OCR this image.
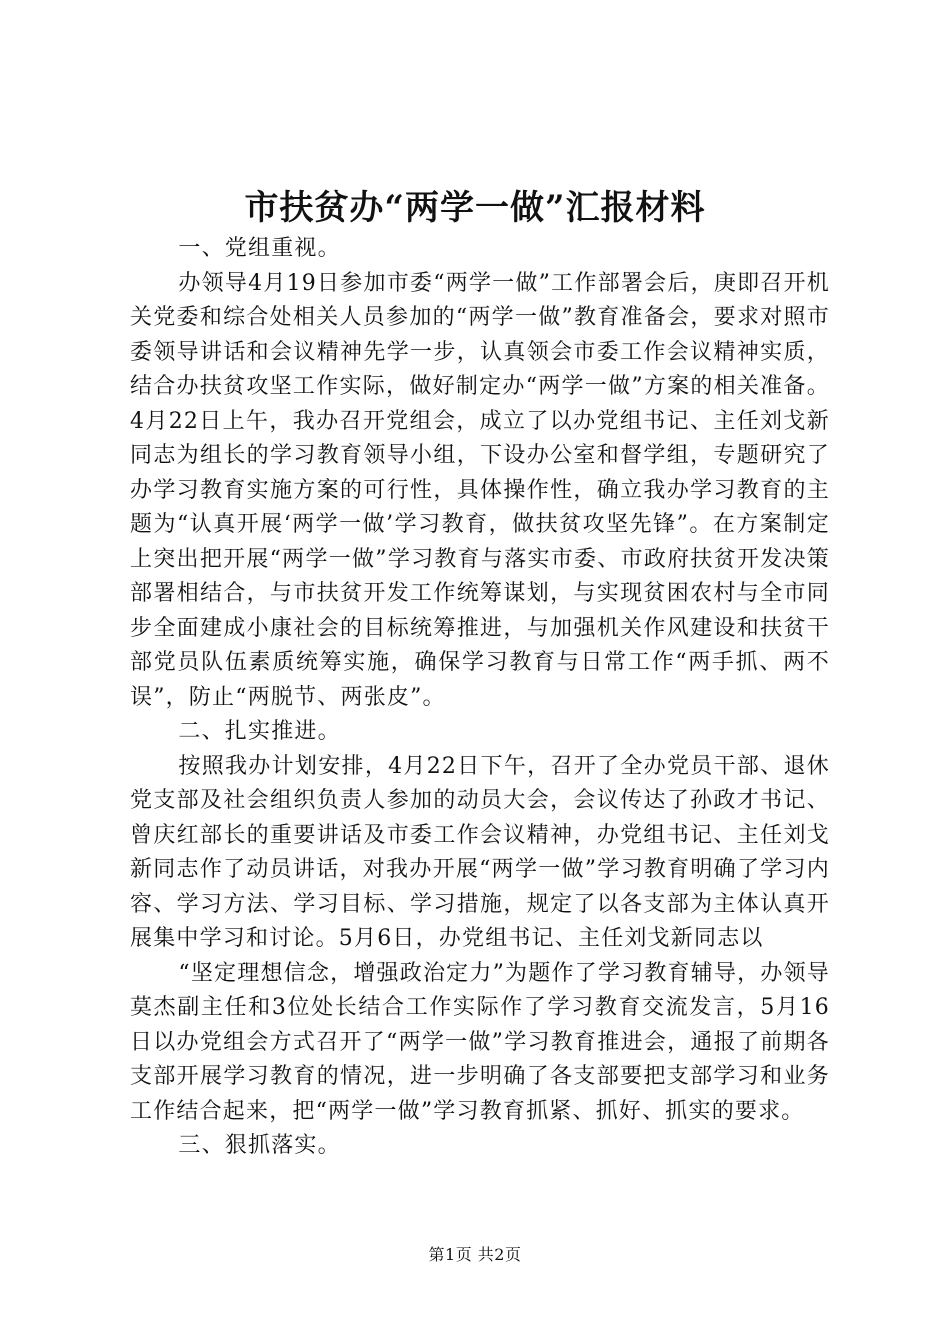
市扶贫办“两学一做”汇报材料

一、党组重视。

办领导4月19日参加市委“两学一做”工作部署会后，庚即召开机关党委和综合处相关人员参加的“两学一做”教育准备会，要求对照市委领导讲话和会议精神先学一步，认真领会市委工作会议精神实质，结合办扶贫攻坚工作实际，做好制定办“两学一做”方案的相关准备。4月22日上午，我办召开党组会，成立了以办党组书记、主任刘戈新同志为组长的学习教育领导小组，下设办公室和督学组，专题研究了办学习教育实施方案的可行性，具体操作性，确立我办学习教育的主题为“认真开展‘两学一做’学习教育，做扶贫攻坚先锋”。在方案制定上突出把开展“两学一做”学习教育与落实市委、市政府扶贫开发决策部署相结合，与市扶贫开发工作统筹谋划，与实现贫困农村与全市同步全面建成小康社会的目标统筹推进，与加强机关作风建设和扶贫干部党员队伍素质统筹实施，确保学习教育与日常工作“两手抓、两不误”，防止“两脱节、两张皮”。

二、扎实推进。

按照我办计划安排，4月22日下午，召开了全办党员干部、退休党支部及社会组织负责人参加的动员大会，会议传达了孙政才书记、曾庆红部长的重要讲话及市委工作会议精神，办党组书记、主任刘戈新同志作了动员讲话，对我办开展“两学一做”学习教育明确了学习内容、学习方法、学习目标、学习措施，规定了以各支部为主体认真开展集中学习和讨论。5月6日，办党组书记、主任刘戈新同志以

“坚定理想信念，增强政治定力”为题作了学习教育辅导，办领导莫杰副主任和3位处长结合工作实际作了学习教育交流发言，5月16日以办党组会方式召开了“两学一做”学习教育推进会，通报了前期各支部开展学习教育的情况，进一步明确了各支部要把支部学习和业务工作结合起来，把“两学一做”学习教育抓紧、抓好、抓实的要求。

三、狠抓落实。

第1页 共2页
